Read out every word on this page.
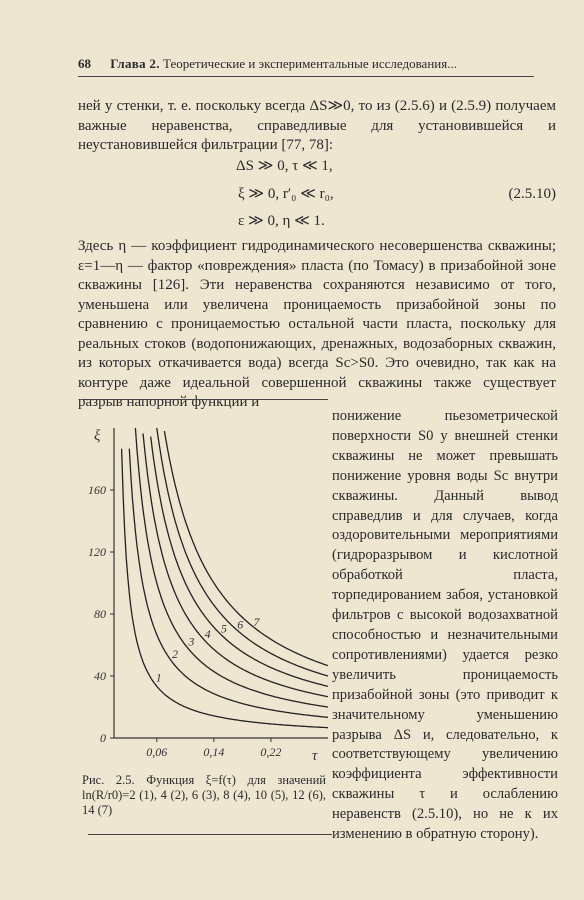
68 Глава 2. Теоретические и экспериментальные исследования...
ней у стенки, т. е. поскольку всегда ΔS≫0, то из (2.5.6) и (2.5.9) получаем важные неравенства, справедливые для установившейся и неустановившейся фильтрации [77, 78]:
ΔS ≫ 0, τ ≪ 1,
ξ ≫ 0, r′₀ ≪ r₀,
ε ≫ 0, η ≪ 1.
(2.5.10)
Здесь η — коэффициент гидродинамического несовершенства скважины; ε=1—η — фактор «повреждения» пласта (по Томасу) в призабойной зоне скважины [126]. Эти неравенства сохраняются независимо от того, уменьшена или увеличена проницаемость призабойной зоны по сравнению с проницаемостью остальной части пласта, поскольку для реальных стоков (водопонижающих, дренажных, водозаборных скважин, из которых откачивается вода) всегда Sc>S0. Это очевидно, так как на контуре даже идеальной совершенной скважины также существует разрыв напорной функции и
понижение пьезометрической поверхности S0 у внешней стенки скважины не может превышать понижение уровня воды Sc внутри скважины. Данный вывод справедлив и для случаев, когда оздоровительными мероприятиями (гидроразрывом и кислотной обработкой пласта, торпедированием забоя, установкой фильтров с высокой водозахватной способностью и незначительными сопротивлениями) удается резко увеличить проницаемость призабойной зоны (это приводит к значительному уменьшению разрыва ΔS и, следовательно, к соответствующему увеличению коэффициента эффективности скважины τ и ослаблению неравенств (2.5.10), но не к их изменению в обратную сторону).
ξ
τ
0
40
80
120
160
0,06	0,14	0,22
1
2
3
4 5 6 7
Рис. 2.5. Функция ξ=f(τ) для значений ln(R/r0)=2 (1), 4 (2), 6 (3), 8 (4), 10 (5), 12 (6), 14 (7)
